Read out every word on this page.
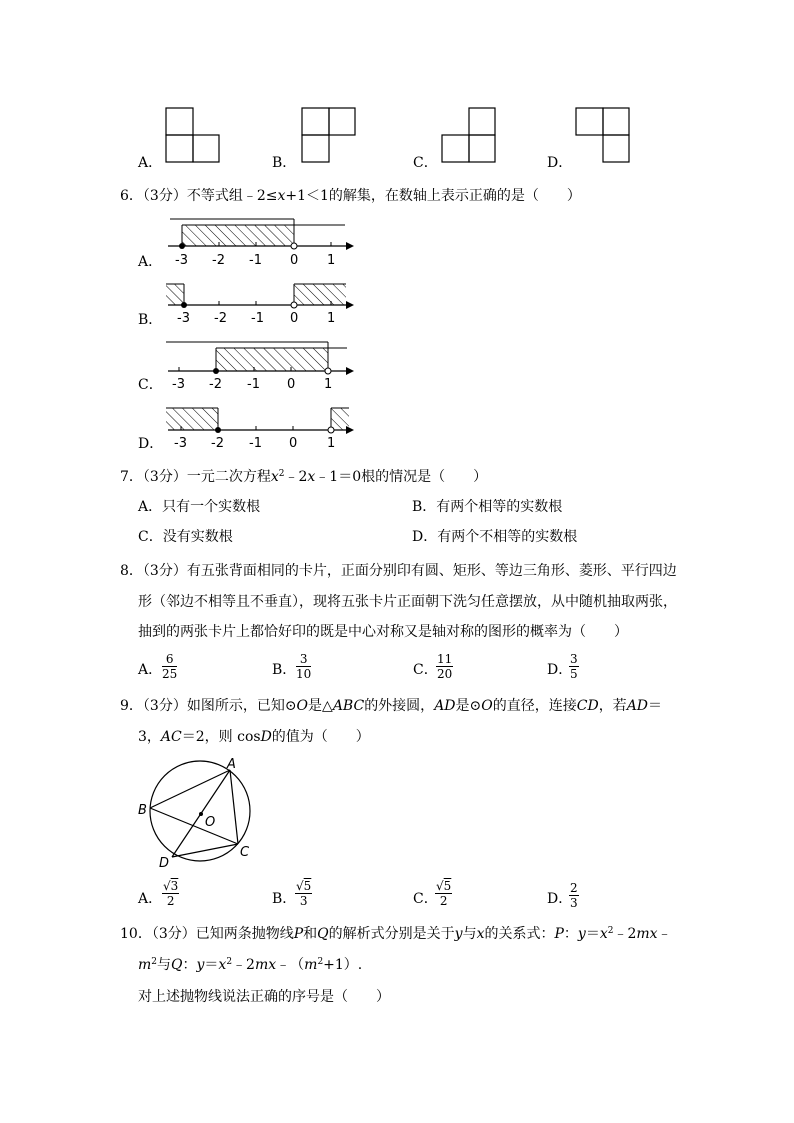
A．	B．	C．	D．
6．（3分）不等式组﹣2≤x+1＜1的解集，在数轴上表示正确的是（　　）
A． -3 -2 -1 0 1
B． -3 -2 -1 0 1
C． -3 -2 -1 0 1
D． -3 -2 -1 0 1
7．（3分）一元二次方程$x^2﹣2x﹣1=0$根的情况是（　　）
A．只有一个实数根	B．有两个相等的实数根
C．没有实数根	D．有两个不相等的实数根
8．（3分）有五张背面相同的卡片，正面分别印有圆、矩形、等边三角形、菱形、平行四边
形（邻边不相等且不垂直），现将五张卡片正面朝下洗匀任意摆放，从中随机抽取两张，
抽到的两张卡片上都恰好印的既是中心对称又是轴对称的图形的概率为（　　）
A．
6
25	B．
3
10	C．
11
20	D．
3
5
9．（3分）如图所示，已知⊙O是△ABC的外接圆，AD是⊙O的直径，连接CD，若AD＝
3，AC＝2，则 cosD的值为（　　）
A
B
C
D
O
A．
√3
2	B．
√5
3	C．
√5
2	D．
2
3
10．（3分）已知两条抛物线P和Q的解析式分别是关于y与x的关系式：P：$y=x^2﹣2mx﹣$
$m^2$与Q：$y=x^2﹣2mx﹣(m^2+1)$.
对上述抛物线说法正确的序号是（　　）
